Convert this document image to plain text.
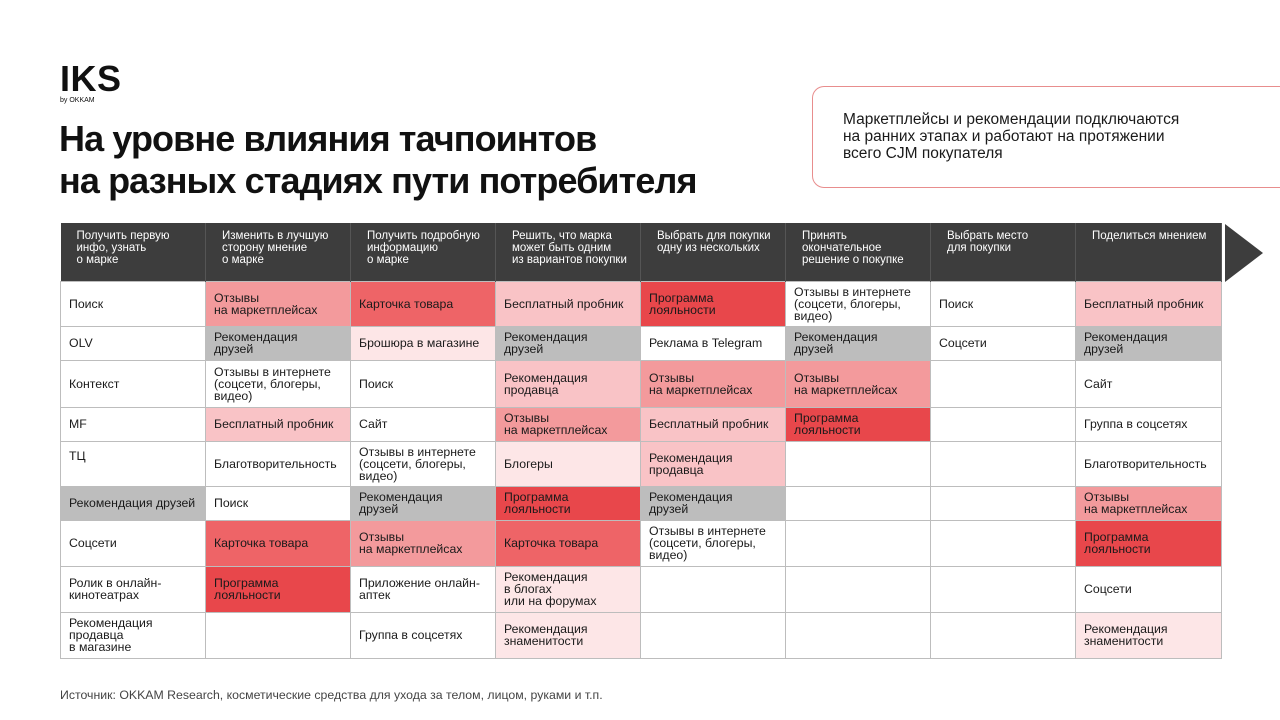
IKS
by OKKAM
На уровне влияния тачпоинтов
на разных стадиях пути потребителя

Маркетплейсы и рекомендации подключаются
на ранних этапах и работают на протяжении
всего CJM покупателя

Получить первую
инфо, узнать
о марке	Изменить в лучшую
сторону мнение
о марке	Получить подробную
информацию
о марке	Решить, что марка
может быть одним
из вариантов покупки	Выбрать для покупки
одну из нескольких	Принять
окончательное
решение о покупке	Выбрать место
для покупки	Поделиться мнением
Поиск	Отзывы
на маркетплейсах	Карточка товара	Бесплатный пробник	Программа
лояльности	Отзывы в интернете
(соцсети, блогеры,
видео)	Поиск	Бесплатный пробник
OLV	Рекомендация
друзей	Брошюра в магазине	Рекомендация
друзей	Реклама в Telegram	Рекомендация
друзей	Соцсети	Рекомендация
друзей
Контекст	Отзывы в интернете
(соцсети, блогеры,
видео)	Поиск	Рекомендация
продавца	Отзывы
на маркетплейсах	Отзывы
на маркетплейсах		Сайт
MF	Бесплатный пробник	Сайт	Отзывы
на маркетплейсах	Бесплатный пробник	Программа
лояльности		Группа в соцсетях
ТЦ	Благотворительность	Отзывы в интернете
(соцсети, блогеры,
видео)	Блогеры	Рекомендация
продавца			Благотворительность
Рекомендация друзей	Поиск	Рекомендация
друзей	Программа
лояльности	Рекомендация
друзей			Отзывы
на маркетплейсах
Соцсети	Карточка товара	Отзывы
на маркетплейсах	Карточка товара	Отзывы в интернете
(соцсети, блогеры,
видео)			Программа
лояльности
Ролик в онлайн-
кинотеатрах	Программа
лояльности	Приложение онлайн-
аптек	Рекомендация
в блогах
или на форумах				Соцсети
Рекомендация
продавца
в магазине		Группа в соцсетях	Рекомендация
знаменитости				Рекомендация
знаменитости
Источник: OKKAM Research, косметические средства для ухода за телом, лицом, руками и т.п.
